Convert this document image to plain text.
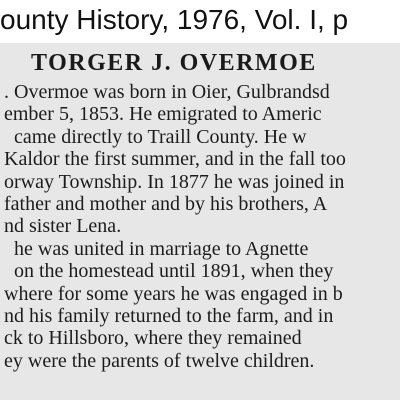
ounty History, 1976, Vol. I, p
TORGER J. OVERMOE
. Overmoe was born in Oier, Gulbrandsd
ember 5, 1853. He emigrated to Americ
came directly to Traill County. He w
Kaldor the first summer, and in the fall too
orway Township. In 1877 he was joined in
father and mother and by his brothers, A
nd sister Lena.
he was united in marriage to Agnette
on the homestead until 1891, when they
where for some years he was engaged in b
nd his family returned to the farm, and in
ck to Hillsboro, where they remained
ey were the parents of twelve children.
